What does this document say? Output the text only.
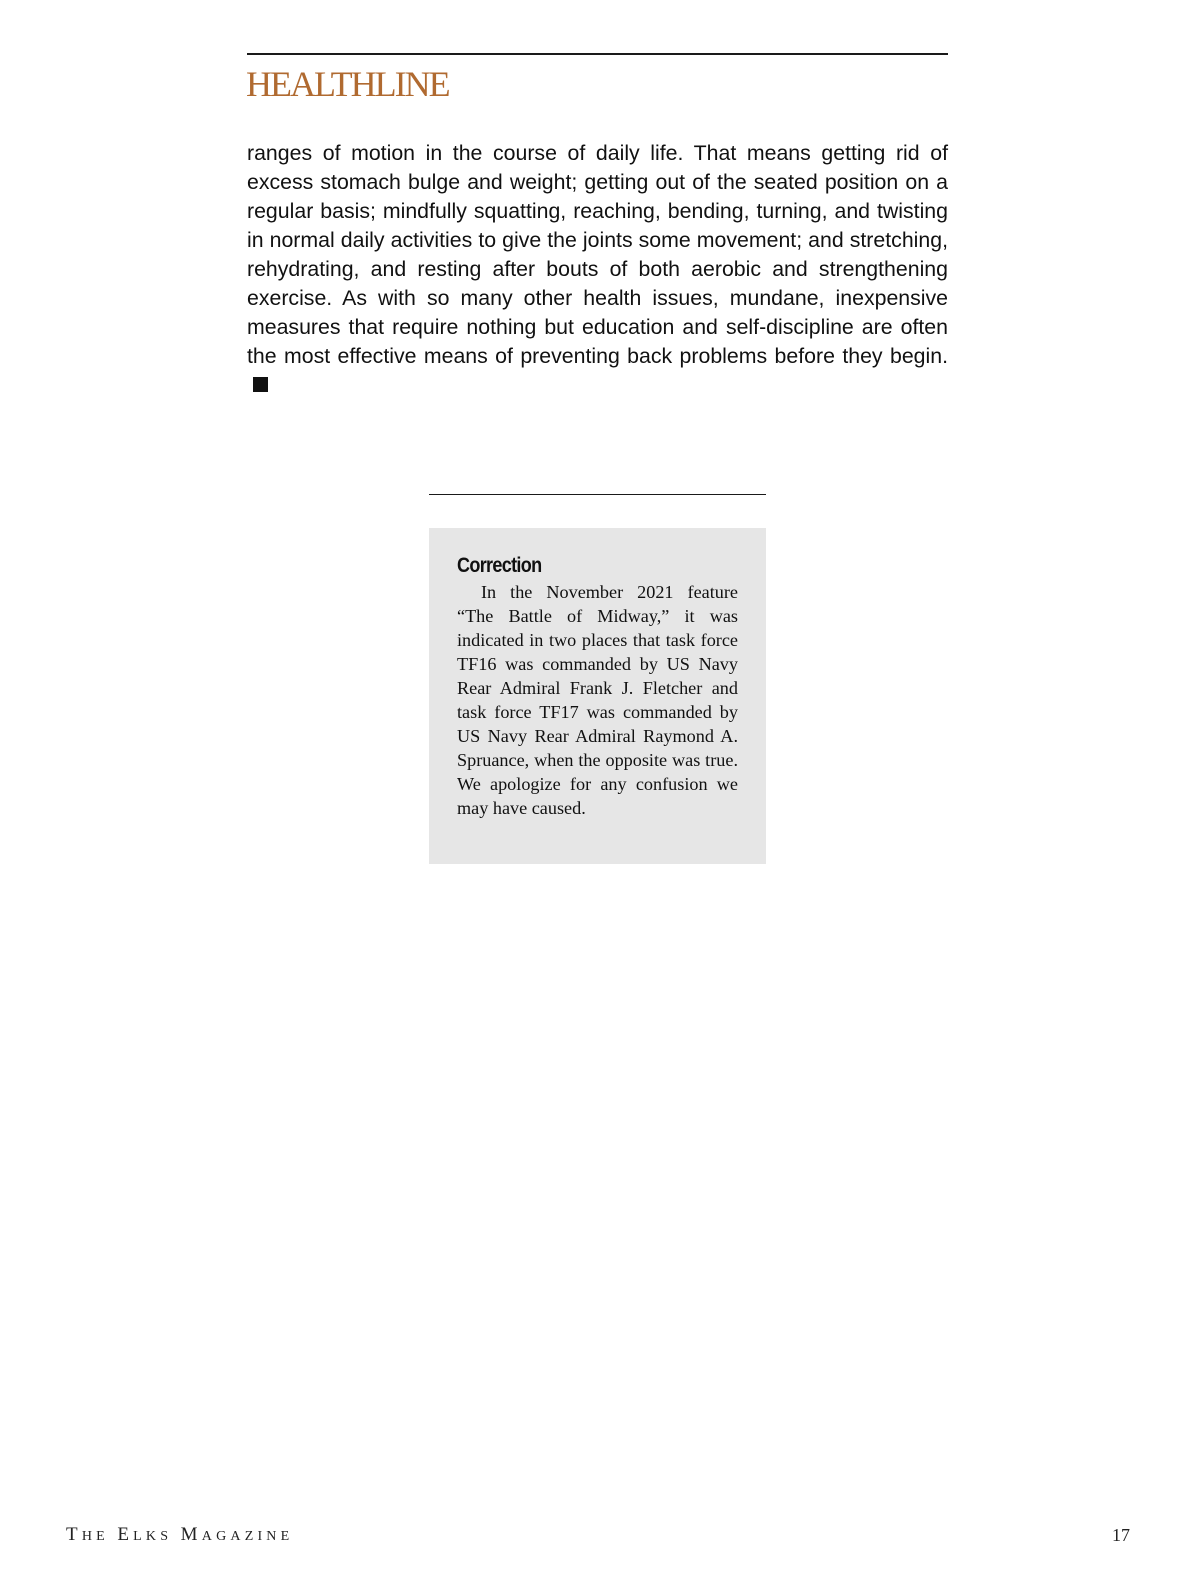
HEALTHLINE

ranges of motion in the course of daily life. That means getting rid of excess stomach bulge and weight; getting out of the seated position on a regular basis; mindfully squatting, reaching, bending, turning, and twisting in normal daily activities to give the joints some movement; and stretching, rehydrating, and resting after bouts of both aerobic and strengthening exercise. As with so many other health issues, mundane, inexpensive measures that require nothing but education and self-discipline are often the most effective means of preventing back problems before they begin.

Correction

In the November 2021 feature “The Battle of Midway,” it was indicated in two places that task force TF16 was commanded by US Navy Rear Admiral Frank J. Fletcher and task force TF17 was commanded by US Navy Rear Admiral Raymond A. Spruance, when the opposite was true. We apologize for any confusion we may have caused.

THE ELKS MAGAZINE	17
